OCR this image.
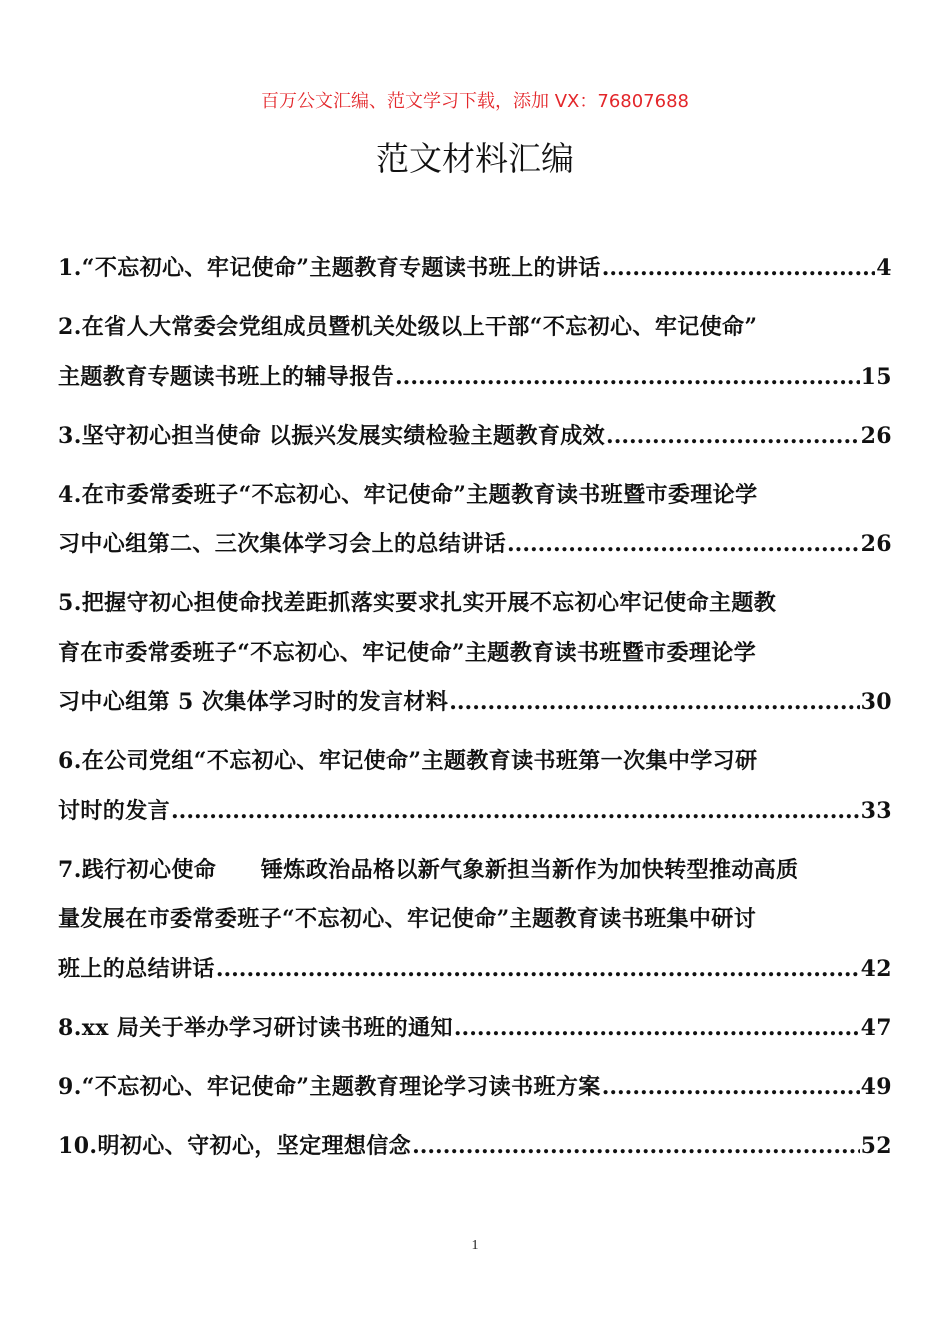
百万公文汇编、范文学习下载，添加 VX：76807688
范文材料汇编
1.“不忘初心、牢记使命”主题教育专题读书班上的讲话 .....	4
2.在省人大常委会党组成员暨机关处级以上干部“不忘初心、牢记使命”
主题教育专题读书班上的辅导报告 .....	15
3.坚守初心担当使命 以振兴发展实绩检验主题教育成效 .....	26
4.在市委常委班子“不忘初心、牢记使命”主题教育读书班暨市委理论学
习中心组第二、三次集体学习会上的总结讲话 .....	26
5.把握守初心担使命找差距抓落实要求扎实开展不忘初心牢记使命主题教
育在市委常委班子“不忘初心、牢记使命”主题教育读书班暨市委理论学
习中心组第 5 次集体学习时的发言材料 .....	30
6.在公司党组“不忘初心、牢记使命”主题教育读书班第一次集中学习研
讨时的发言 .....	33
7.践行初心使命　　锤炼政治品格以新气象新担当新作为加快转型推动高质
量发展在市委常委班子“不忘初心、牢记使命”主题教育读书班集中研讨
班上的总结讲话 .....	42
8.xx 局关于举办学习研讨读书班的通知 .....	47
9.“不忘初心、牢记使命”主题教育理论学习读书班方案 .....	49
10.明初心、守初心，坚定理想信念 .....	52
1
